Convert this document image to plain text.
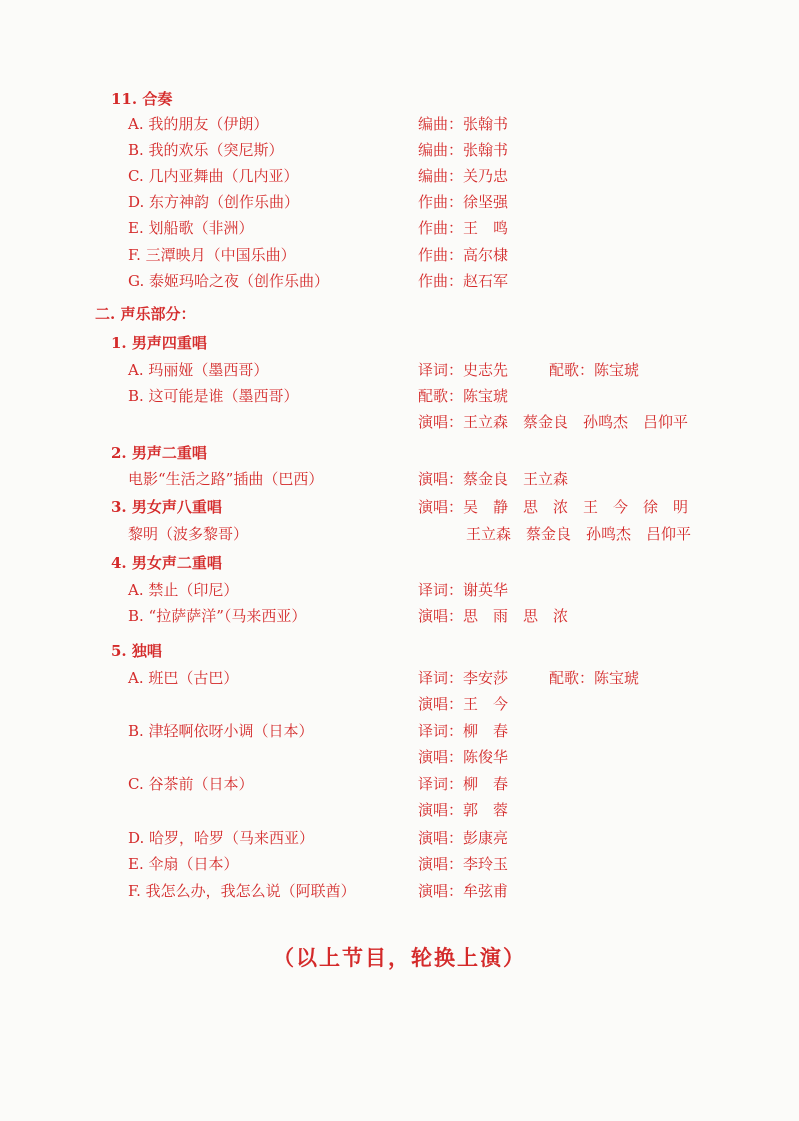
11. 合奏
A. 我的朋友（伊朗）	编曲：张翰书
B. 我的欢乐（突尼斯）	编曲：张翰书
C. 几内亚舞曲（几内亚）	编曲：关乃忠
D. 东方神韵（创作乐曲）	作曲：徐坚强
E. 划船歌（非洲）	作曲：王　鸣
F. 三潭映月（中国乐曲）	作曲：高尔棣
G. 泰姬玛哈之夜（创作乐曲）	作曲：赵石军
二. 声乐部分：
1. 男声四重唱
A. 玛丽娅（墨西哥）	译词：史志先	配歌：陈宝琥
B. 这可能是谁（墨西哥）	配歌：陈宝琥
演唱：王立森　蔡金良　孙鸣杰　吕仰平
2. 男声二重唱
电影“生活之路”插曲（巴西）	演唱：蔡金良　王立森
3. 男女声八重唱	演唱：吴　静　思　浓　王　今　徐　明
黎明（波多黎哥）	王立森　蔡金良　孙鸣杰　吕仰平
4. 男女声二重唱
A. 禁止（印尼）	译词：谢英华
B. “拉萨萨洋”（马来西亚）	演唱：思　雨　思　浓
5. 独唱
A. 班巴（古巴）	译词：李安莎	配歌：陈宝琥
演唱：王　今
B. 津轻啊依呀小调（日本）	译词：柳　春
演唱：陈俊华
C. 谷茶前（日本）	译词：柳　春
演唱：郭　蓉
D. 哈罗，哈罗（马来西亚）	演唱：彭康亮
E. 伞扇（日本）	演唱：李玲玉
F. 我怎么办，我怎么说（阿联酋）	演唱：牟弦甫
（以上节目，轮换上演）
